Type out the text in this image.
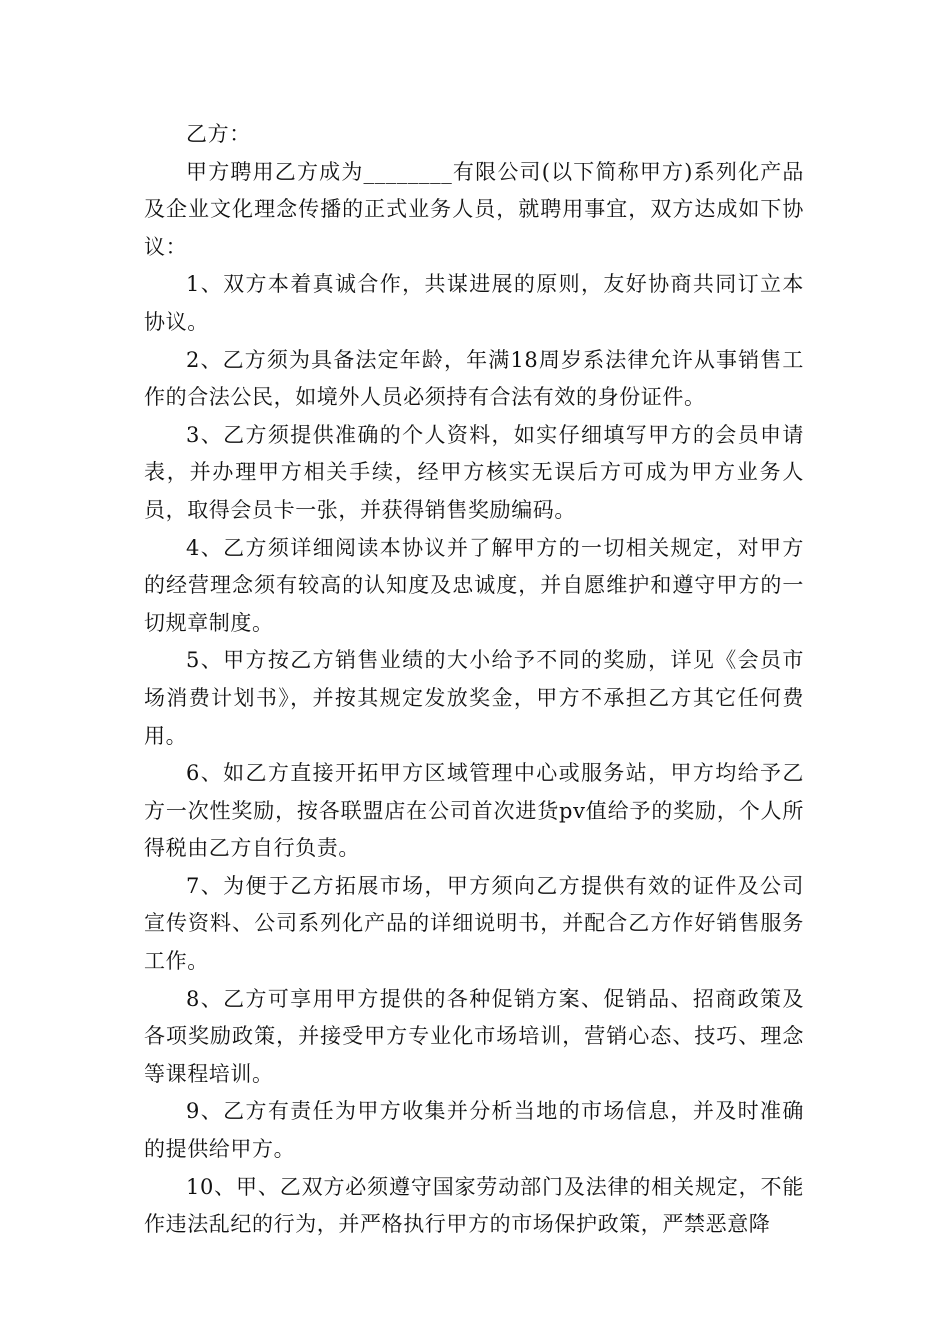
乙方：

甲方聘用乙方成为________有限公司(以下简称甲方)系列化产品及企业文化理念传播的正式业务人员，就聘用事宜，双方达成如下协议：

1、双方本着真诚合作，共谋进展的原则，友好协商共同订立本协议。

2、乙方须为具备法定年龄，年满18周岁系法律允许从事销售工作的合法公民，如境外人员必须持有合法有效的身份证件。

3、乙方须提供准确的个人资料，如实仔细填写甲方的会员申请表，并办理甲方相关手续，经甲方核实无误后方可成为甲方业务人员，取得会员卡一张，并获得销售奖励编码。

4、乙方须详细阅读本协议并了解甲方的一切相关规定，对甲方的经营理念须有较高的认知度及忠诚度，并自愿维护和遵守甲方的一切规章制度。

5、甲方按乙方销售业绩的大小给予不同的奖励，详见《会员市场消费计划书》，并按其规定发放奖金，甲方不承担乙方其它任何费用。

6、如乙方直接开拓甲方区域管理中心或服务站，甲方均给予乙方一次性奖励，按各联盟店在公司首次进货pv值给予的奖励，个人所得税由乙方自行负责。

7、为便于乙方拓展市场，甲方须向乙方提供有效的证件及公司宣传资料、公司系列化产品的详细说明书，并配合乙方作好销售服务工作。

8、乙方可享用甲方提供的各种促销方案、促销品、招商政策及各项奖励政策，并接受甲方专业化市场培训，营销心态、技巧、理念等课程培训。

9、乙方有责任为甲方收集并分析当地的市场信息，并及时准确的提供给甲方。

10、甲、乙双方必须遵守国家劳动部门及法律的相关规定，不能作违法乱纪的行为，并严格执行甲方的市场保护政策，严禁恶意降
